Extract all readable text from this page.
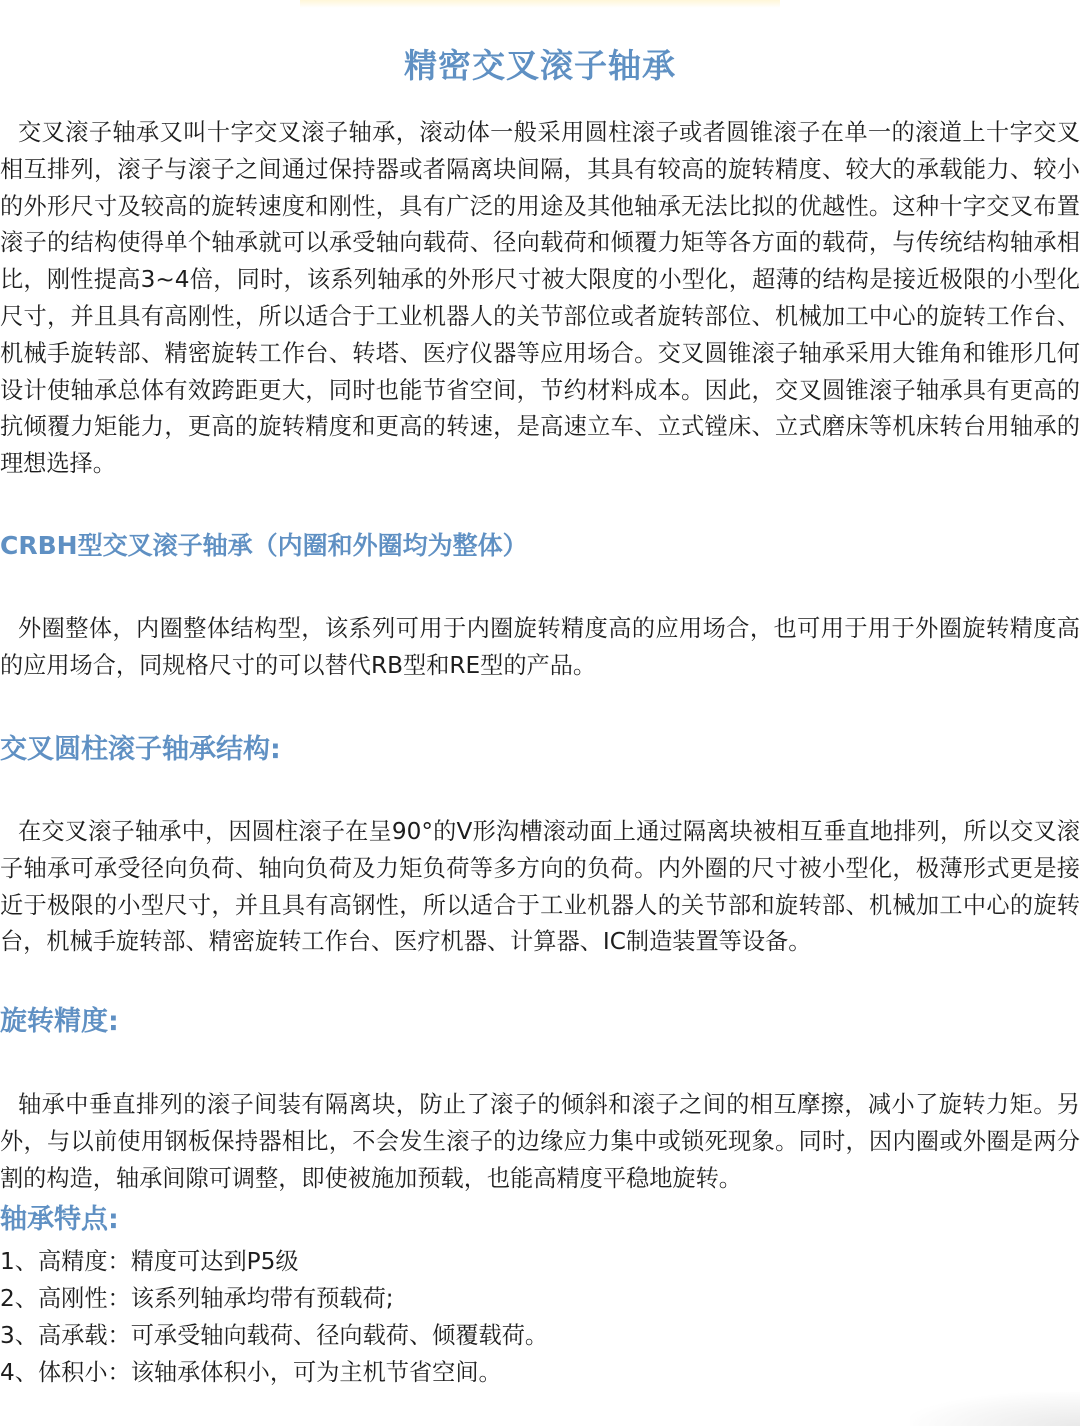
精密交叉滚子轴承

交叉滚子轴承又叫十字交叉滚子轴承，滚动体一般采用圆柱滚子或者圆锥滚子在单一的滚道上十字交叉相互排列，滚子与滚子之间通过保持器或者隔离块间隔，其具有较高的旋转精度、较大的承载能力、较小的外形尺寸及较高的旋转速度和刚性，具有广泛的用途及其他轴承无法比拟的优越性。这种十字交叉布置滚子的结构使得单个轴承就可以承受轴向载荷、径向载荷和倾覆力矩等各方面的载荷，与传统结构轴承相比，刚性提高3~4倍，同时，该系列轴承的外形尺寸被大限度的小型化，超薄的结构是接近极限的小型化尺寸，并且具有高刚性，所以适合于工业机器人的关节部位或者旋转部位、机械加工中心的旋转工作台、机械手旋转部、精密旋转工作台、转塔、医疗仪器等应用场合。交叉圆锥滚子轴承采用大锥角和锥形几何设计使轴承总体有效跨距更大，同时也能节省空间，节约材料成本。因此，交叉圆锥滚子轴承具有更高的抗倾覆力矩能力，更高的旋转精度和更高的转速，是高速立车、立式镗床、立式磨床等机床转台用轴承的理想选择。

CRBH型交叉滚子轴承（内圈和外圈均为整体）

外圈整体，内圈整体结构型，该系列可用于内圈旋转精度高的应用场合，也可用于用于外圈旋转精度高的应用场合，同规格尺寸的可以替代RB型和RE型的产品。

交叉圆柱滚子轴承结构:

在交叉滚子轴承中，因圆柱滚子在呈90°的V形沟槽滚动面上通过隔离块被相互垂直地排列，所以交叉滚子轴承可承受径向负荷、轴向负荷及力矩负荷等多方向的负荷。内外圈的尺寸被小型化，极薄形式更是接近于极限的小型尺寸，并且具有高钢性，所以适合于工业机器人的关节部和旋转部、机械加工中心的旋转台，机械手旋转部、精密旋转工作台、医疗机器、计算器、IC制造装置等设备。

旋转精度:

轴承中垂直排列的滚子间装有隔离块，防止了滚子的倾斜和滚子之间的相互摩擦，减小了旋转力矩。另外，与以前使用钢板保持器相比，不会发生滚子的边缘应力集中或锁死现象。同时，因内圈或外圈是两分割的构造，轴承间隙可调整，即使被施加预载，也能高精度平稳地旋转。

轴承特点:
1、高精度：精度可达到P5级
2、高刚性：该系列轴承均带有预载荷;
3、高承载：可承受轴向载荷、径向载荷、倾覆载荷。
4、体积小：该轴承体积小，可为主机节省空间。
